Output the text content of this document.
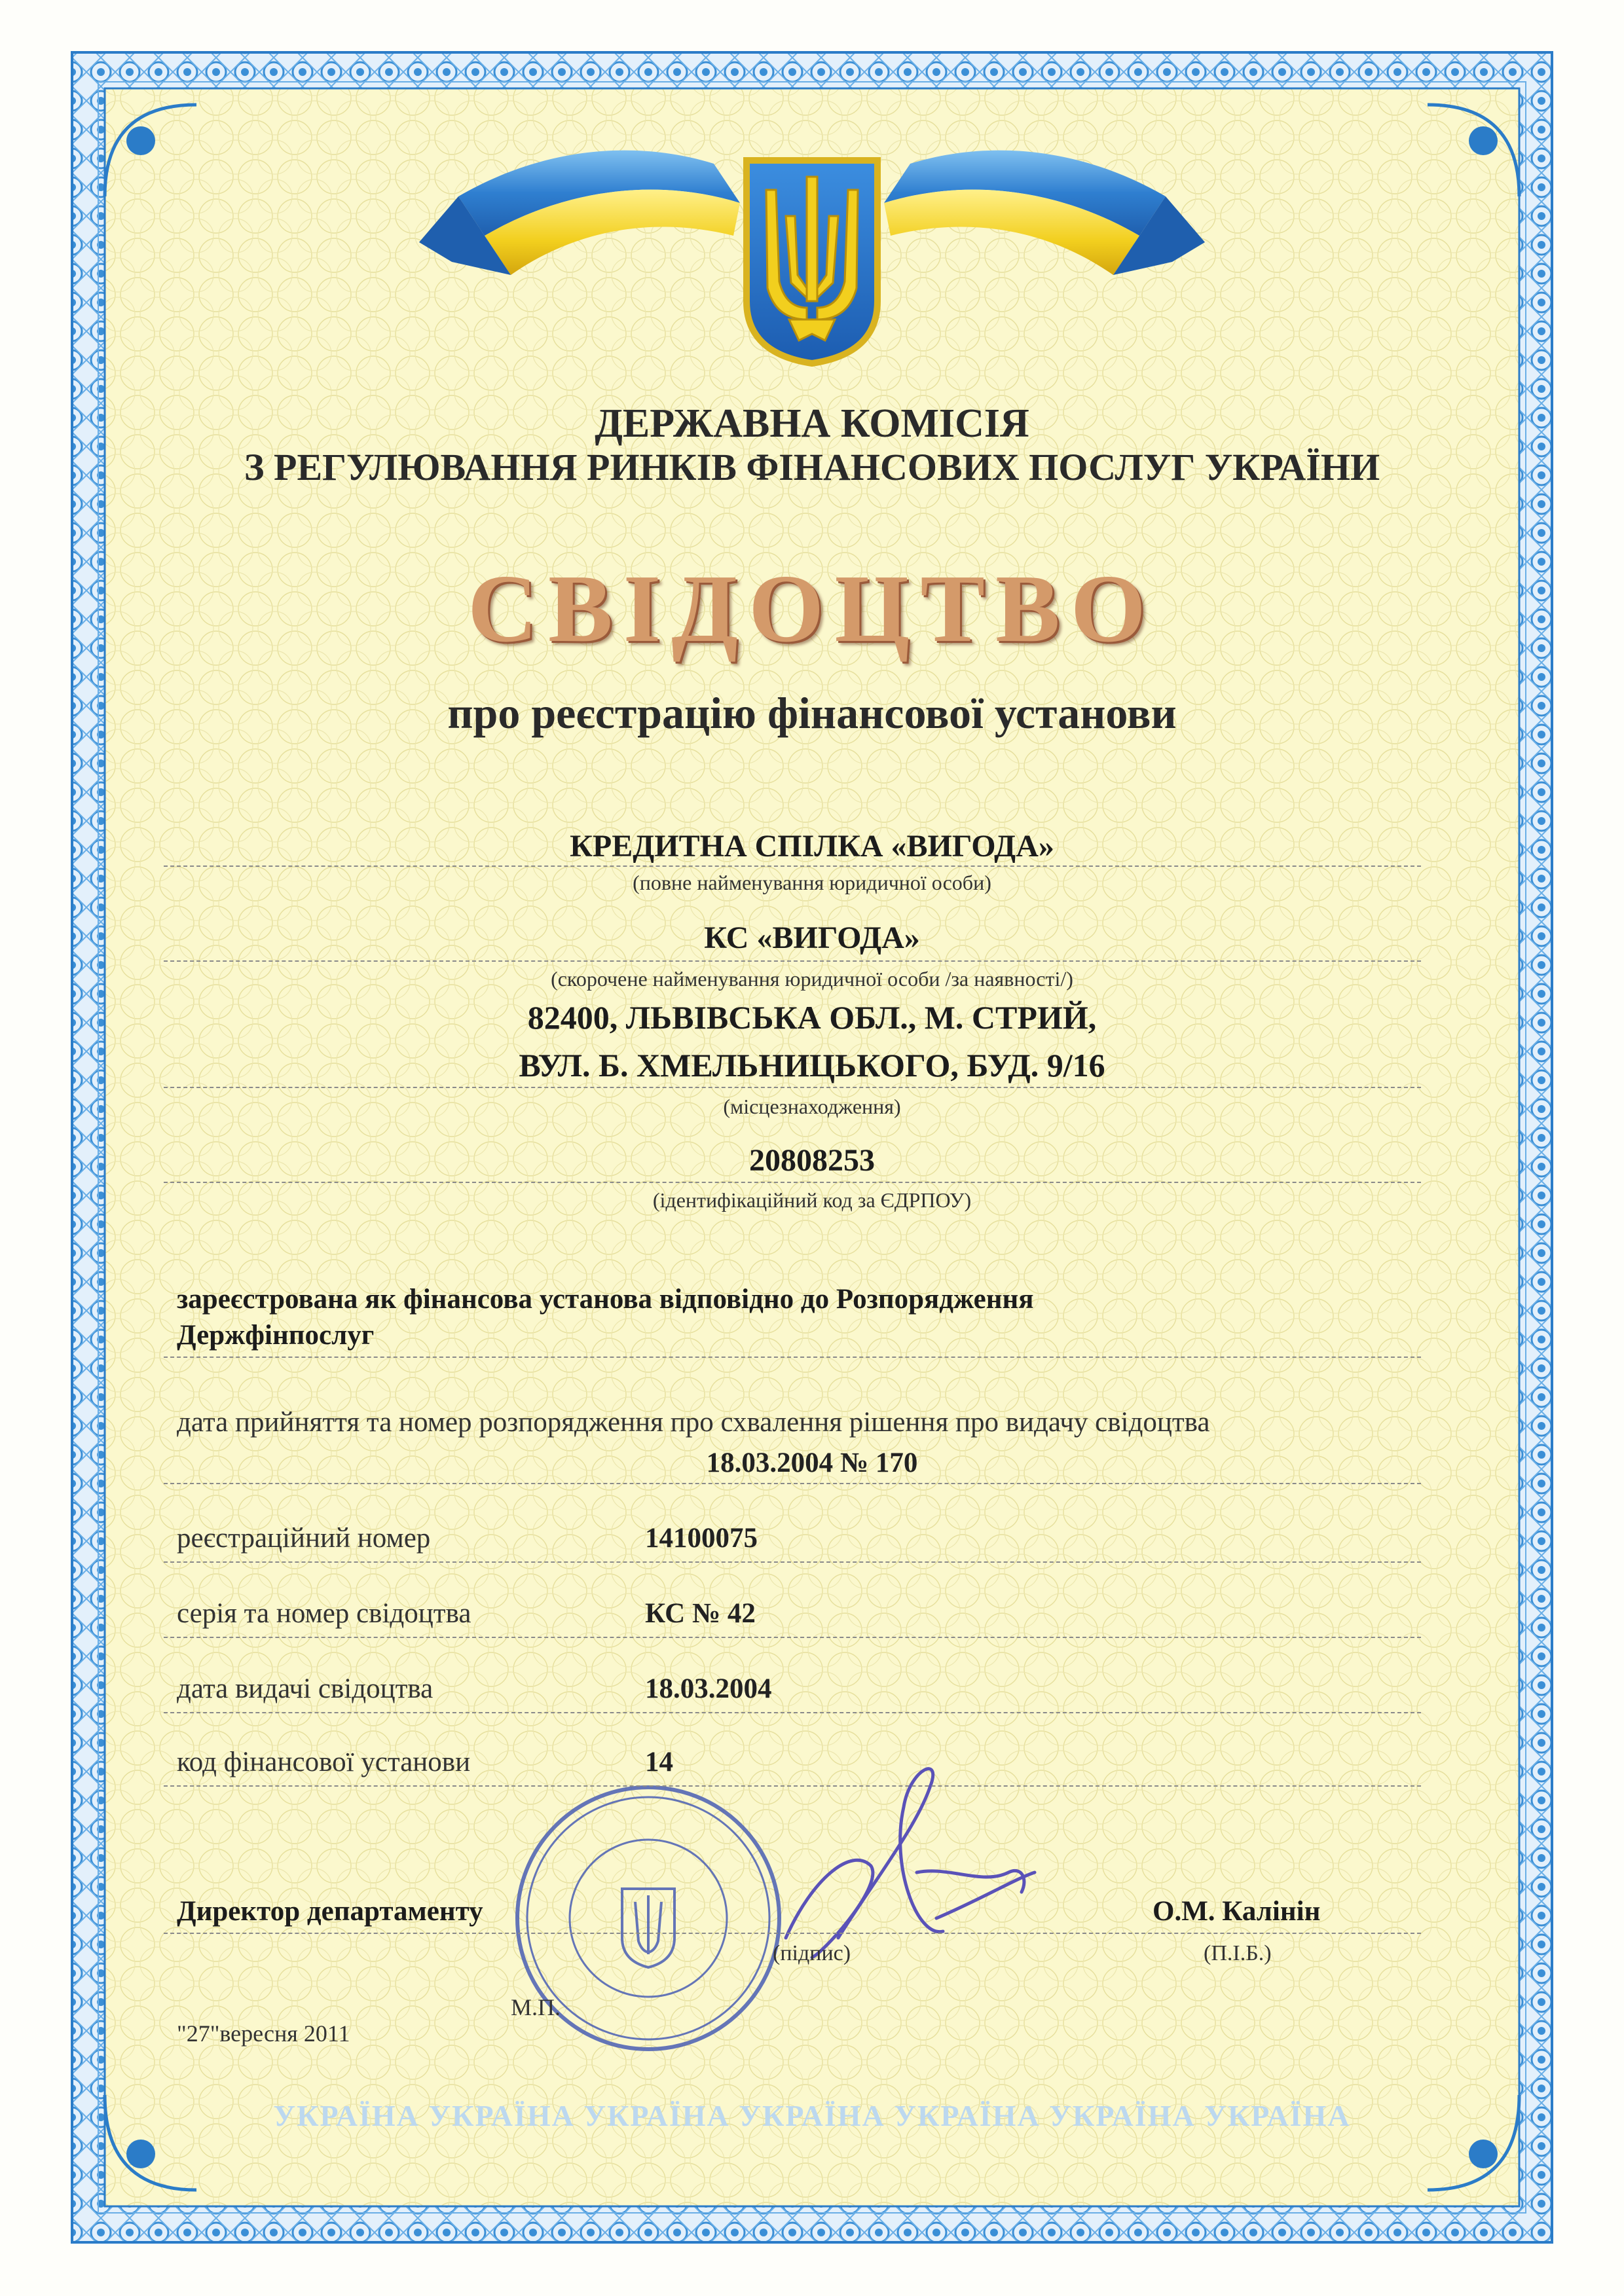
ДЕРЖАВНА КОМІСІЯ
З РЕГУЛЮВАННЯ РИНКІВ ФІНАНСОВИХ ПОСЛУГ УКРАЇНИ
СВІДОЦТВО
про реєстрацію фінансової установи
КРЕДИТНА СПІЛКА «ВИГОДА»
(повне найменування юридичної особи)
КС «ВИГОДА»
(скорочене найменування юридичної особи /за наявності/)
82400, ЛЬВІВСЬКА ОБЛ., М. СТРИЙ,
ВУЛ. Б. ХМЕЛЬНИЦЬКОГО, БУД. 9/16
(місцезнаходження)
20808253
(ідентифікаційний код за ЄДРПОУ)
зареєстрована як фінансова установа відповідно до Розпорядження
Держфінпослуг
дата прийняття та номер розпорядження про схвалення рішення про видачу свідоцтва
18.03.2004 № 170
реєстраційний номер	14100075
серія та номер свідоцтва	КС № 42
дата видачі свідоцтва	18.03.2004
код фінансової установи	14
Директор департаменту
(підпис)
О.М. Калінін
(П.І.Б.)
М.П.
"27"вересня 2011
УКРАЇНА УКРАЇНА УКРАЇНА УКРАЇНА УКРАЇНА УКРАЇНА УКРАЇНА
